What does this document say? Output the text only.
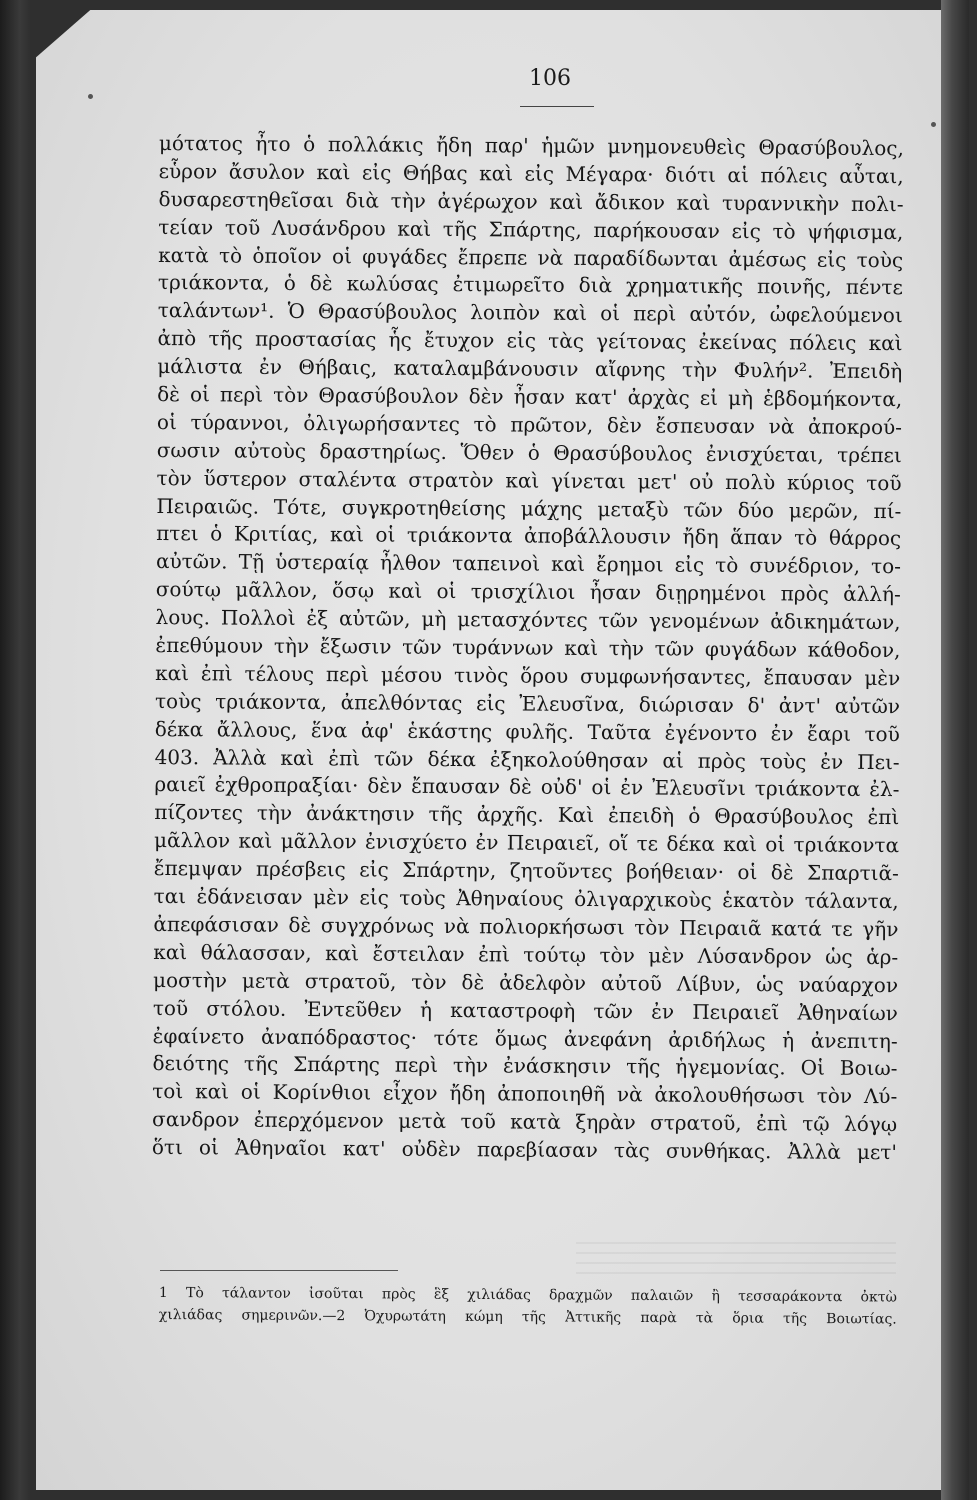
106
μότατος ἦτο ὁ πολλάκις ἤδη παρ' ἡμῶν μνημονευθεὶς Θρασύβουλος,
εὗρον ἄσυλον καὶ εἰς Θήβας καὶ εἰς Μέγαρα· διότι αἱ πόλεις αὗται,
δυσαρεστηθεῖσαι διὰ τὴν ἀγέρωχον καὶ ἄδικον καὶ τυραννικὴν πολι-
τείαν τοῦ Λυσάνδρου καὶ τῆς Σπάρτης, παρήκουσαν εἰς τὸ ψήφισμα,
κατὰ τὸ ὁποῖον οἱ φυγάδες ἔπρεπε νὰ παραδίδωνται ἀμέσως εἰς τοὺς
τριάκοντα, ὁ δὲ κωλύσας ἐτιμωρεῖτο διὰ χρηματικῆς ποινῆς, πέντε
ταλάντων¹. Ὁ Θρασύβουλος λοιπὸν καὶ οἱ περὶ αὐτόν, ὠφελούμενοι
ἀπὸ τῆς προστασίας ἧς ἔτυχον εἰς τὰς γείτονας ἐκείνας πόλεις καὶ
μάλιστα ἐν Θήβαις, καταλαμβάνουσιν αἴφνης τὴν Φυλήν². Ἐπειδὴ
δὲ οἱ περὶ τὸν Θρασύβουλον δὲν ἦσαν κατ' ἀρχὰς εἰ μὴ ἑβδομήκοντα,
οἱ τύραννοι, ὀλιγωρήσαντες τὸ πρῶτον, δὲν ἔσπευσαν νὰ ἀποκρού-
σωσιν αὐτοὺς δραστηρίως. Ὅθεν ὁ Θρασύβουλος ἐνισχύεται, τρέπει
τὸν ὕστερον σταλέντα στρατὸν καὶ γίνεται μετ' οὐ πολὺ κύριος τοῦ
Πειραιῶς. Τότε, συγκροτηθείσης μάχης μεταξὺ τῶν δύο μερῶν, πί-
πτει ὁ Κριτίας, καὶ οἱ τριάκοντα ἀποβάλλουσιν ἤδη ἅπαν τὸ θάρρος
αὐτῶν. Τῇ ὑστεραίᾳ ἦλθον ταπεινοὶ καὶ ἔρημοι εἰς τὸ συνέδριον, το-
σούτῳ μᾶλλον, ὅσῳ καὶ οἱ τρισχίλιοι ἦσαν διῃρημένοι πρὸς ἀλλή-
λους. Πολλοὶ ἐξ αὐτῶν, μὴ μετασχόντες τῶν γενομένων ἀδικημάτων,
ἐπεθύμουν τὴν ἔξωσιν τῶν τυράννων καὶ τὴν τῶν φυγάδων κάθοδον,
καὶ ἐπὶ τέλους περὶ μέσου τινὸς ὅρου συμφωνήσαντες, ἔπαυσαν μὲν
τοὺς τριάκοντα, ἀπελθόντας εἰς Ἐλευσῖνα, διώρισαν δ' ἀντ' αὐτῶν
δέκα ἄλλους, ἕνα ἀφ' ἑκάστης φυλῆς. Ταῦτα ἐγένοντο ἐν ἔαρι τοῦ
403. Ἀλλὰ καὶ ἐπὶ τῶν δέκα ἐξηκολούθησαν αἱ πρὸς τοὺς ἐν Πει-
ραιεῖ ἐχθροπραξίαι· δὲν ἔπαυσαν δὲ οὐδ' οἱ ἐν Ἐλευσῖνι τριάκοντα ἐλ-
πίζοντες τὴν ἀνάκτησιν τῆς ἀρχῆς. Καὶ ἐπειδὴ ὁ Θρασύβουλος ἐπὶ
μᾶλλον καὶ μᾶλλον ἐνισχύετο ἐν Πειραιεῖ, οἵ τε δέκα καὶ οἱ τριάκοντα
ἔπεμψαν πρέσβεις εἰς Σπάρτην, ζητοῦντες βοήθειαν· οἱ δὲ Σπαρτιᾶ-
ται ἐδάνεισαν μὲν εἰς τοὺς Ἀθηναίους ὀλιγαρχικοὺς ἑκατὸν τάλαντα,
ἀπεφάσισαν δὲ συγχρόνως νὰ πολιορκήσωσι τὸν Πειραιᾶ κατά τε γῆν
καὶ θάλασσαν, καὶ ἔστειλαν ἐπὶ τούτῳ τὸν μὲν Λύσανδρον ὡς ἁρ-
μοστὴν μετὰ στρατοῦ, τὸν δὲ ἀδελφὸν αὐτοῦ Λίβυν, ὡς ναύαρχον
τοῦ στόλου. Ἐντεῦθεν ἡ καταστροφὴ τῶν ἐν Πειραιεῖ Ἀθηναίων
ἐφαίνετο ἀναπόδραστος· τότε ὅμως ἀνεφάνη ἀριδήλως ἡ ἀνεπιτη-
δειότης τῆς Σπάρτης περὶ τὴν ἐνάσκησιν τῆς ἡγεμονίας. Οἱ Βοιω-
τοὶ καὶ οἱ Κορίνθιοι εἶχον ἤδη ἀποποιηθῆ νὰ ἀκολουθήσωσι τὸν Λύ-
σανδρον ἐπερχόμενον μετὰ τοῦ κατὰ ξηρὰν στρατοῦ, ἐπὶ τῷ λόγῳ
ὅτι οἱ Ἀθηναῖοι κατ' οὐδὲν παρεβίασαν τὰς συνθήκας. Ἀλλὰ μετ'
1 Τὸ τάλαντον ἰσοῦται πρὸς ἓξ χιλιάδας δραχμῶν παλαιῶν ἢ τεσσαράκοντα ὀκτὼ
χιλιάδας σημερινῶν.—2 Ὀχυρωτάτη κώμη τῆς Ἀττικῆς παρὰ τὰ ὅρια τῆς Βοιωτίας.
